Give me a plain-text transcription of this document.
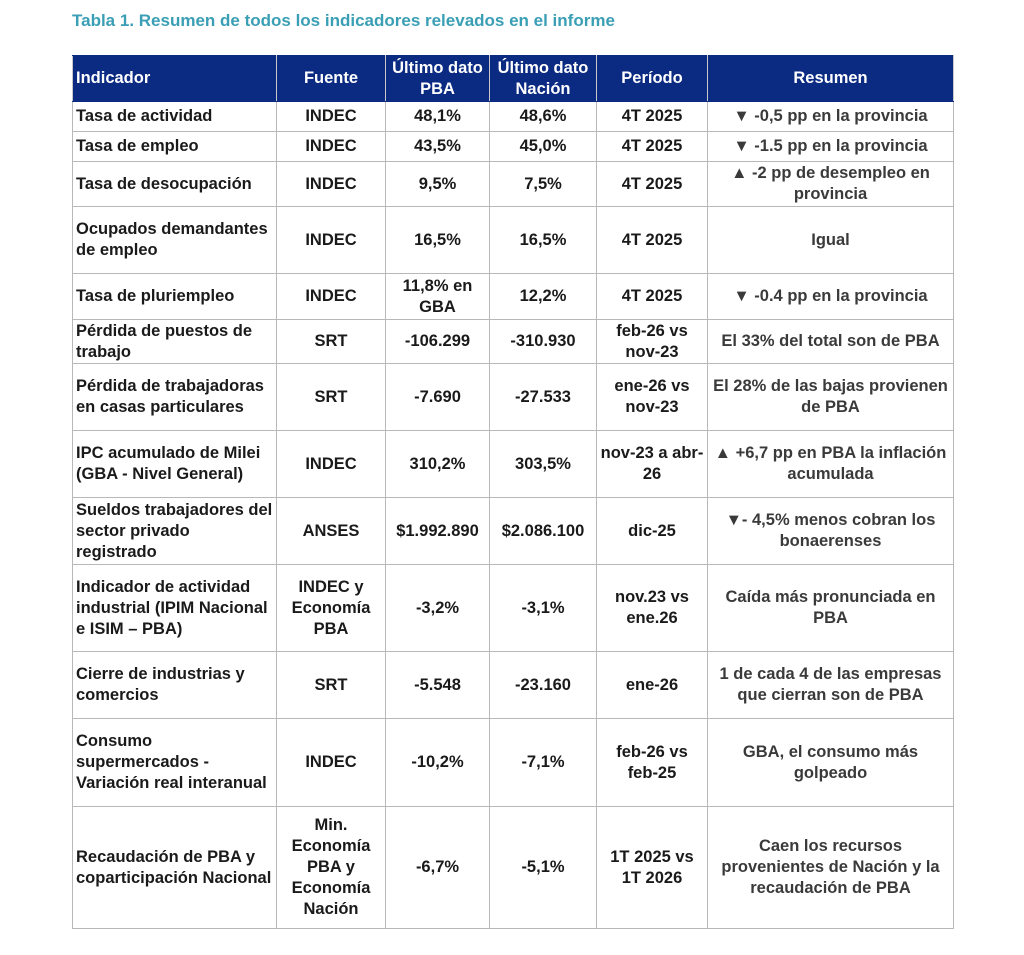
Tabla 1. Resumen de todos los indicadores relevados en el informe
Indicador	Fuente	Último dato PBA	Último dato Nación	Período	Resumen
Tasa de actividad	INDEC	48,1%	48,6%	4T 2025	▼ -0,5 pp en la provincia
Tasa de empleo	INDEC	43,5%	45,0%	4T 2025	▼ -1.5 pp en la provincia
Tasa de desocupación	INDEC	9,5%	7,5%	4T 2025	▲ -2 pp de desempleo en provincia
Ocupados demandantes de empleo	INDEC	16,5%	16,5%	4T 2025	Igual
Tasa de pluriempleo	INDEC	11,8% en GBA	12,2%	4T 2025	▼ -0.4 pp en la provincia
Pérdida de puestos de trabajo	SRT	-106.299	-310.930	feb-26 vs nov-23	El 33% del total son de PBA
Pérdida de trabajadoras en casas particulares	SRT	-7.690	-27.533	ene-26 vs nov-23	El 28% de las bajas provienen de PBA
IPC acumulado de Milei (GBA - Nivel General)	INDEC	310,2%	303,5%	nov-23 a abr-26	▲ +6,7 pp en PBA la inflación acumulada
Sueldos trabajadores del sector privado registrado	ANSES	$1.992.890	$2.086.100	dic-25	▼- 4,5% menos cobran los bonaerenses
Indicador de actividad industrial (IPIM Nacional e ISIM – PBA)	INDEC y Economía PBA	-3,2%	-3,1%	nov.23 vs ene.26	Caída más pronunciada en PBA
Cierre de industrias y comercios	SRT	-5.548	-23.160	ene-26	1 de cada 4 de las empresas que cierran son de PBA
Consumo supermercados - Variación real interanual	INDEC	-10,2%	-7,1%	feb-26 vs feb-25	GBA, el consumo más golpeado
Recaudación de PBA y coparticipación Nacional	Min. Economía PBA y Economía Nación	-6,7%	-5,1%	1T 2025 vs 1T 2026	Caen los recursos provenientes de Nación y la recaudación de PBA
